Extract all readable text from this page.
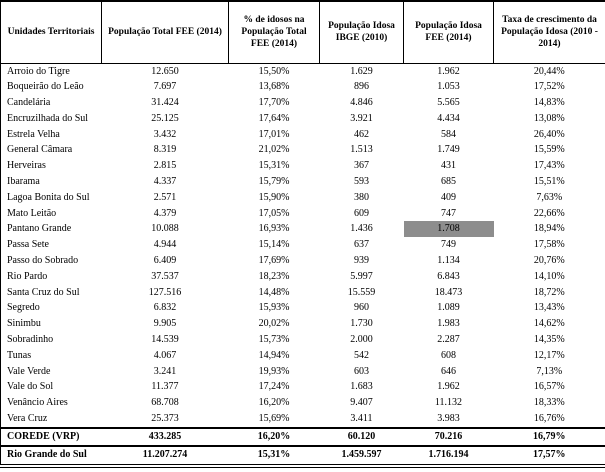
Unidades Territoriais	População Total FEE (2014)	% de idosos na População Total FEE (2014)	População Idosa IBGE (2010)	População Idosa FEE (2014)	Taxa de crescimento da População Idosa (2010 - 2014)
Arroio do Tigre	12.650	15,50%	1.629	1.962	20,44%
Boqueirão do Leão	7.697	13,68%	896	1.053	17,52%
Candelária	31.424	17,70%	4.846	5.565	14,83%
Encruzilhada do Sul	25.125	17,64%	3.921	4.434	13,08%
Estrela Velha	3.432	17,01%	462	584	26,40%
General Câmara	8.319	21,02%	1.513	1.749	15,59%
Herveiras	2.815	15,31%	367	431	17,43%
Ibarama	4.337	15,79%	593	685	15,51%
Lagoa Bonita do Sul	2.571	15,90%	380	409	7,63%
Mato Leitão	4.379	17,05%	609	747	22,66%
Pantano Grande	10.088	16,93%	1.436	1.708	18,94%
Passa Sete	4.944	15,14%	637	749	17,58%
Passo do Sobrado	6.409	17,69%	939	1.134	20,76%
Rio Pardo	37.537	18,23%	5.997	6.843	14,10%
Santa Cruz do Sul	127.516	14,48%	15.559	18.473	18,72%
Segredo	6.832	15,93%	960	1.089	13,43%
Sinimbu	9.905	20,02%	1.730	1.983	14,62%
Sobradinho	14.539	15,73%	2.000	2.287	14,35%
Tunas	4.067	14,94%	542	608	12,17%
Vale Verde	3.241	19,93%	603	646	7,13%
Vale do Sol	11.377	17,24%	1.683	1.962	16,57%
Venâncio Aires	68.708	16,20%	9.407	11.132	18,33%
Vera Cruz	25.373	15,69%	3.411	3.983	16,76%
COREDE (VRP)	433.285	16,20%	60.120	70.216	16,79%
Rio Grande do Sul	11.207.274	15,31%	1.459.597	1.716.194	17,57%
